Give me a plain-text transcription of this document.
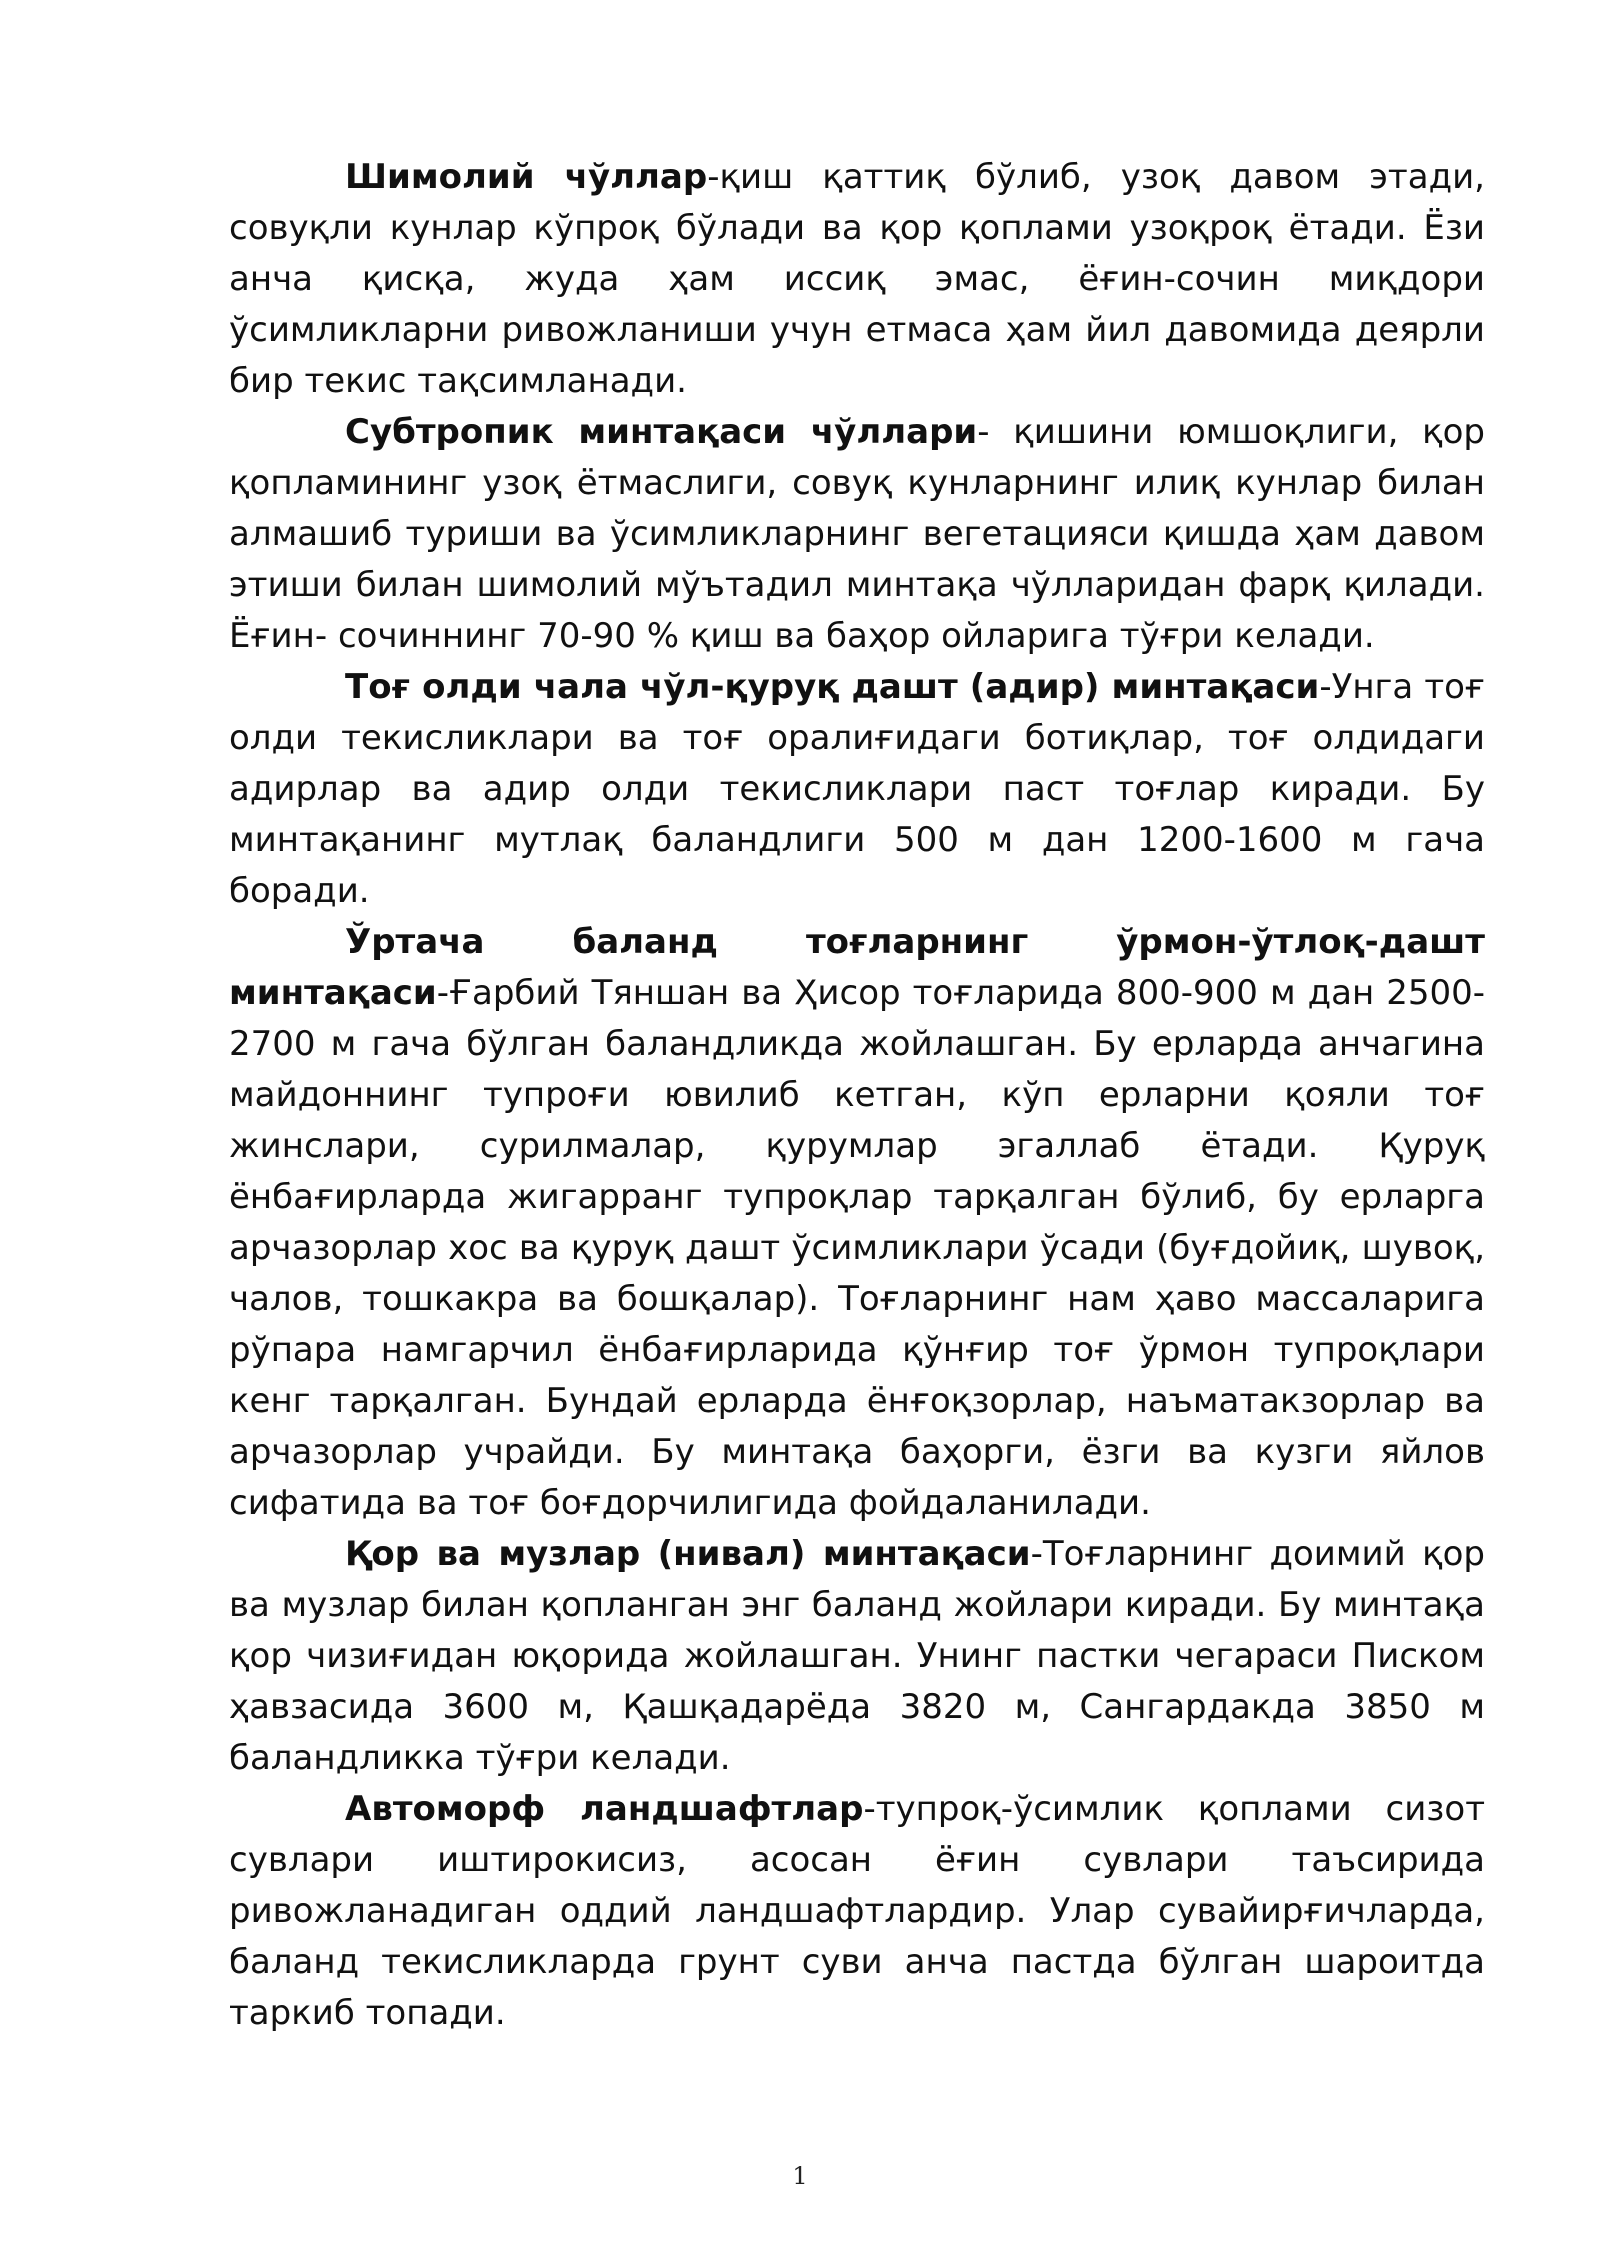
Шимолий чўллар-қиш қаттиқ бўлиб, узоқ давом этади, совуқли кунлар кўпроқ бўлади ва қор қоплами узоқроқ ётади. Ёзи анча қисқа, жуда ҳам иссиқ эмас, ёғин-сочин миқдори ўсимликларни ривожланиши учун етмаса ҳам йил давомида деярли бир текис тақсимланади.

Субтропик минтақаси чўллари- қишини юмшоқлиги, қор қопламининг узоқ ётмаслиги, совуқ кунларнинг илиқ кунлар билан алмашиб туриши ва ўсимликларнинг вегетацияси қишда ҳам давом этиши билан шимолий мўътадил минтақа чўлларидан фарқ қилади. Ёғин- сочиннинг 70-90 % қиш ва баҳор ойларига тўғри келади.

Тоғ олди чала чўл-қуруқ дашт (адир) минтақаси-Унга тоғ олди текисликлари ва тоғ оралиғидаги ботиқлар, тоғ олдидаги адирлар ва адир олди текисликлари паст тоғлар киради. Бу минтақанинг мутлақ баландлиги 500 м дан 1200-1600 м гача боради.

Ўртача баланд тоғларнинг ўрмон-ўтлоқ-дашт минтақаси-Ғарбий Тяншан ва Ҳисор тоғларида 800-900 м дан 2500-2700 м гача бўлган баландликда жойлашган. Бу ерларда анчагина майдоннинг тупроғи ювилиб кетган, кўп ерларни қояли тоғ жинслари, сурилмалар, қурумлар эгаллаб ётади. Қуруқ ёнбағирларда жигарранг тупроқлар тарқалган бўлиб, бу ерларга арчазорлар хос ва қуруқ дашт ўсимликлари ўсади (буғдойиқ, шувоқ, чалов, тошкакра ва бошқалар). Тоғларнинг нам ҳаво массаларига рўпара намгарчил ёнбағирларида қўнғир тоғ ўрмон тупроқлари кенг тарқалган. Бундай ерларда ёнғоқзорлар, наъматакзорлар ва арчазорлар учрайди. Бу минтақа баҳорги, ёзги ва кузги яйлов сифатида ва тоғ боғдорчилигида фойдаланилади.

Қор ва музлар (нивал) минтақаси-Тоғларнинг доимий қор ва музлар билан қопланган энг баланд жойлари киради. Бу минтақа қор чизиғидан юқорида жойлашган. Унинг пастки чегараси Писком ҳавзасида 3600 м, Қашқадарёда 3820 м, Сангардакда 3850 м баландликка тўғри келади.

Автоморф ландшафтлар-тупроқ-ўсимлик қоплами сизот сувлари иштирокисиз, асосан ёғин сувлари таъсирида ривожланадиган оддий ландшафтлардир. Улар сувайирғичларда, баланд текисликларда грунт суви анча пастда бўлган шароитда таркиб топади.

1
